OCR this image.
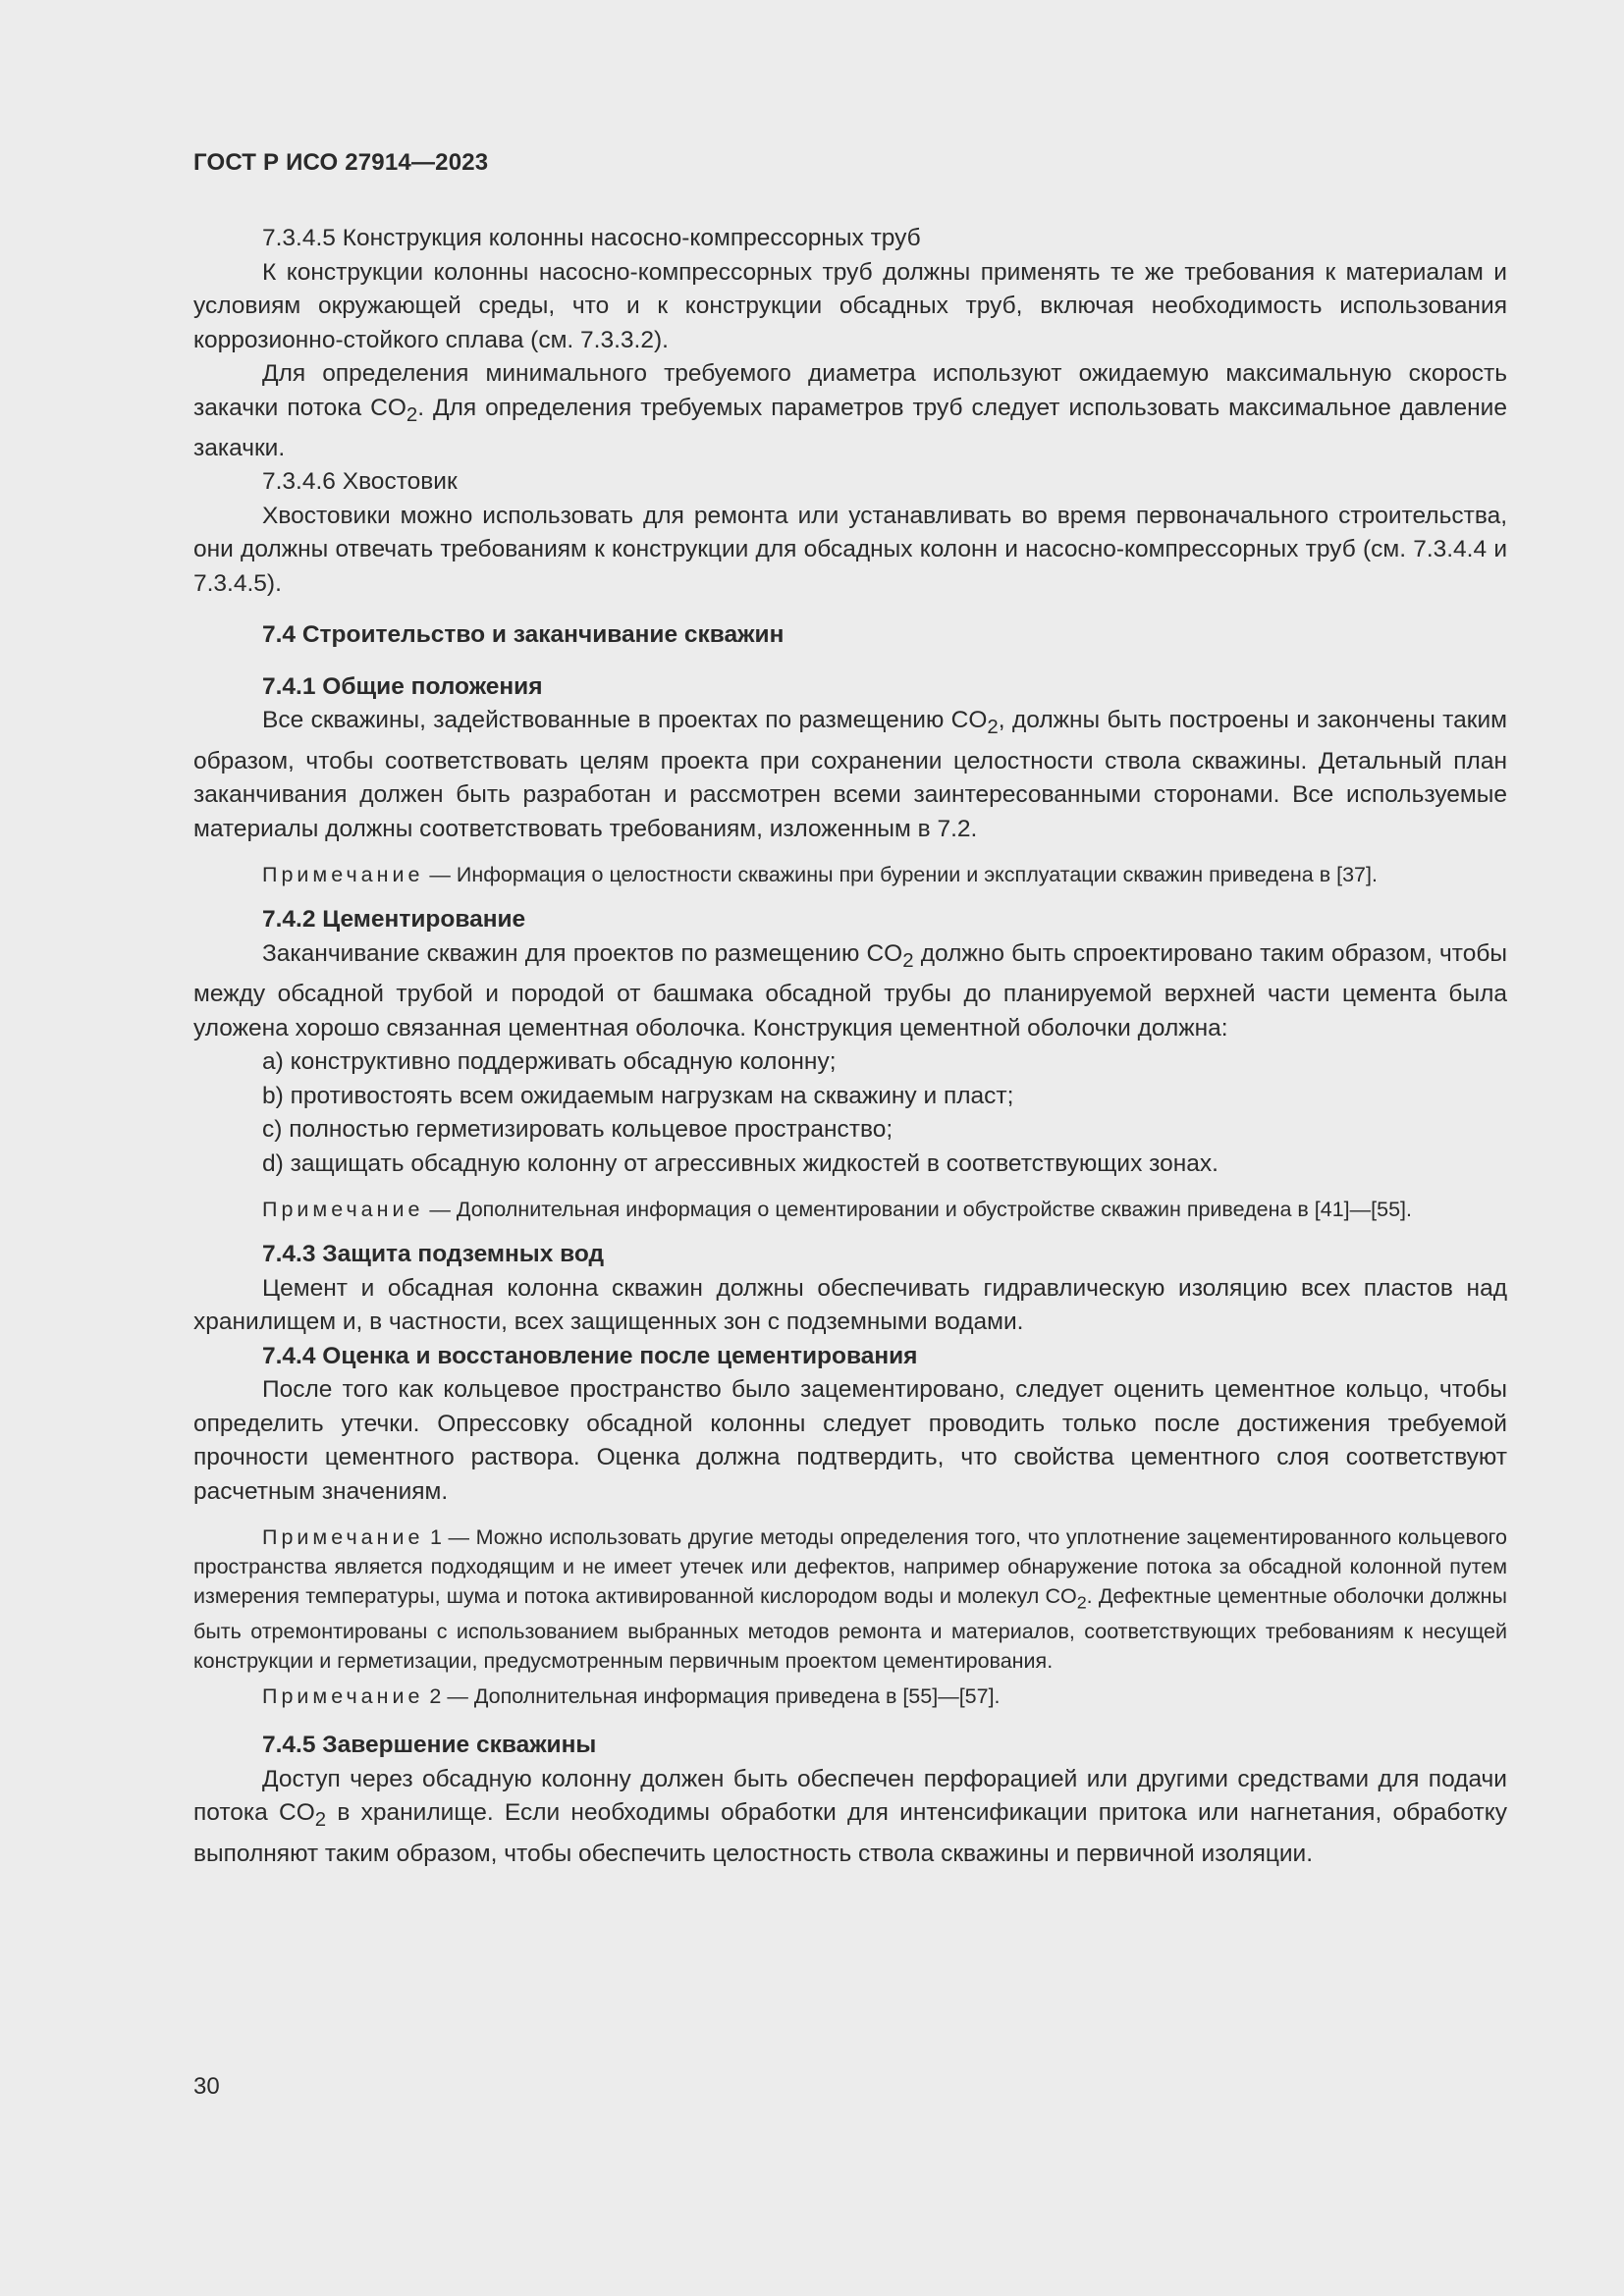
ГОСТ Р ИСО 27914—2023

7.3.4.5 Конструкция колонны насосно-компрессорных труб

К конструкции колонны насосно-компрессорных труб должны применять те же требования к материалам и условиям окружающей среды, что и к конструкции обсадных труб, включая необходимость использования коррозионно-стойкого сплава (см. 7.3.3.2).

Для определения минимального требуемого диаметра используют ожидаемую максимальную скорость закачки потока $CO_2$. Для определения требуемых параметров труб следует использовать максимальное давление закачки.

7.3.4.6 Хвостовик

Хвостовики можно использовать для ремонта или устанавливать во время первоначального строительства, они должны отвечать требованиям к конструкции для обсадных колонн и насосно-компрессорных труб (см. 7.3.4.4 и 7.3.4.5).

7.4 Строительство и заканчивание скважин

7.4.1 Общие положения

Все скважины, задействованные в проектах по размещению $CO_2$, должны быть построены и закончены таким образом, чтобы соответствовать целям проекта при сохранении целостности ствола скважины. Детальный план заканчивания должен быть разработан и рассмотрен всеми заинтересованными сторонами. Все используемые материалы должны соответствовать требованиям, изложенным в 7.2.

Примечание — Информация о целостности скважины при бурении и эксплуатации скважин приведена в [37].

7.4.2 Цементирование

Заканчивание скважин для проектов по размещению $CO_2$ должно быть спроектировано таким образом, чтобы между обсадной трубой и породой от башмака обсадной трубы до планируемой верхней части цемента была уложена хорошо связанная цементная оболочка. Конструкция цементной оболочки должна:

a) конструктивно поддерживать обсадную колонну;

b) противостоять всем ожидаемым нагрузкам на скважину и пласт;

c) полностью герметизировать кольцевое пространство;

d) защищать обсадную колонну от агрессивных жидкостей в соответствующих зонах.

Примечание — Дополнительная информация о цементировании и обустройстве скважин приведена в [41]—[55].

7.4.3 Защита подземных вод

Цемент и обсадная колонна скважин должны обеспечивать гидравлическую изоляцию всех пластов над хранилищем и, в частности, всех защищенных зон с подземными водами.

7.4.4 Оценка и восстановление после цементирования

После того как кольцевое пространство было зацементировано, следует оценить цементное кольцо, чтобы определить утечки. Опрессовку обсадной колонны следует проводить только после достижения требуемой прочности цементного раствора. Оценка должна подтвердить, что свойства цементного слоя соответствуют расчетным значениям.

Примечание 1 — Можно использовать другие методы определения того, что уплотнение зацементированного кольцевого пространства является подходящим и не имеет утечек или дефектов, например обнаружение потока за обсадной колонной путем измерения температуры, шума и потока активированной кислородом воды и молекул $CO_2$. Дефектные цементные оболочки должны быть отремонтированы с использованием выбранных методов ремонта и материалов, соответствующих требованиям к несущей конструкции и герметизации, предусмотренным первичным проектом цементирования.

Примечание 2 — Дополнительная информация приведена в [55]—[57].

7.4.5 Завершение скважины

Доступ через обсадную колонну должен быть обеспечен перфорацией или другими средствами для подачи потока $CO_2$ в хранилище. Если необходимы обработки для интенсификации притока или нагнетания, обработку выполняют таким образом, чтобы обеспечить целостность ствола скважины и первичной изоляции.

30
